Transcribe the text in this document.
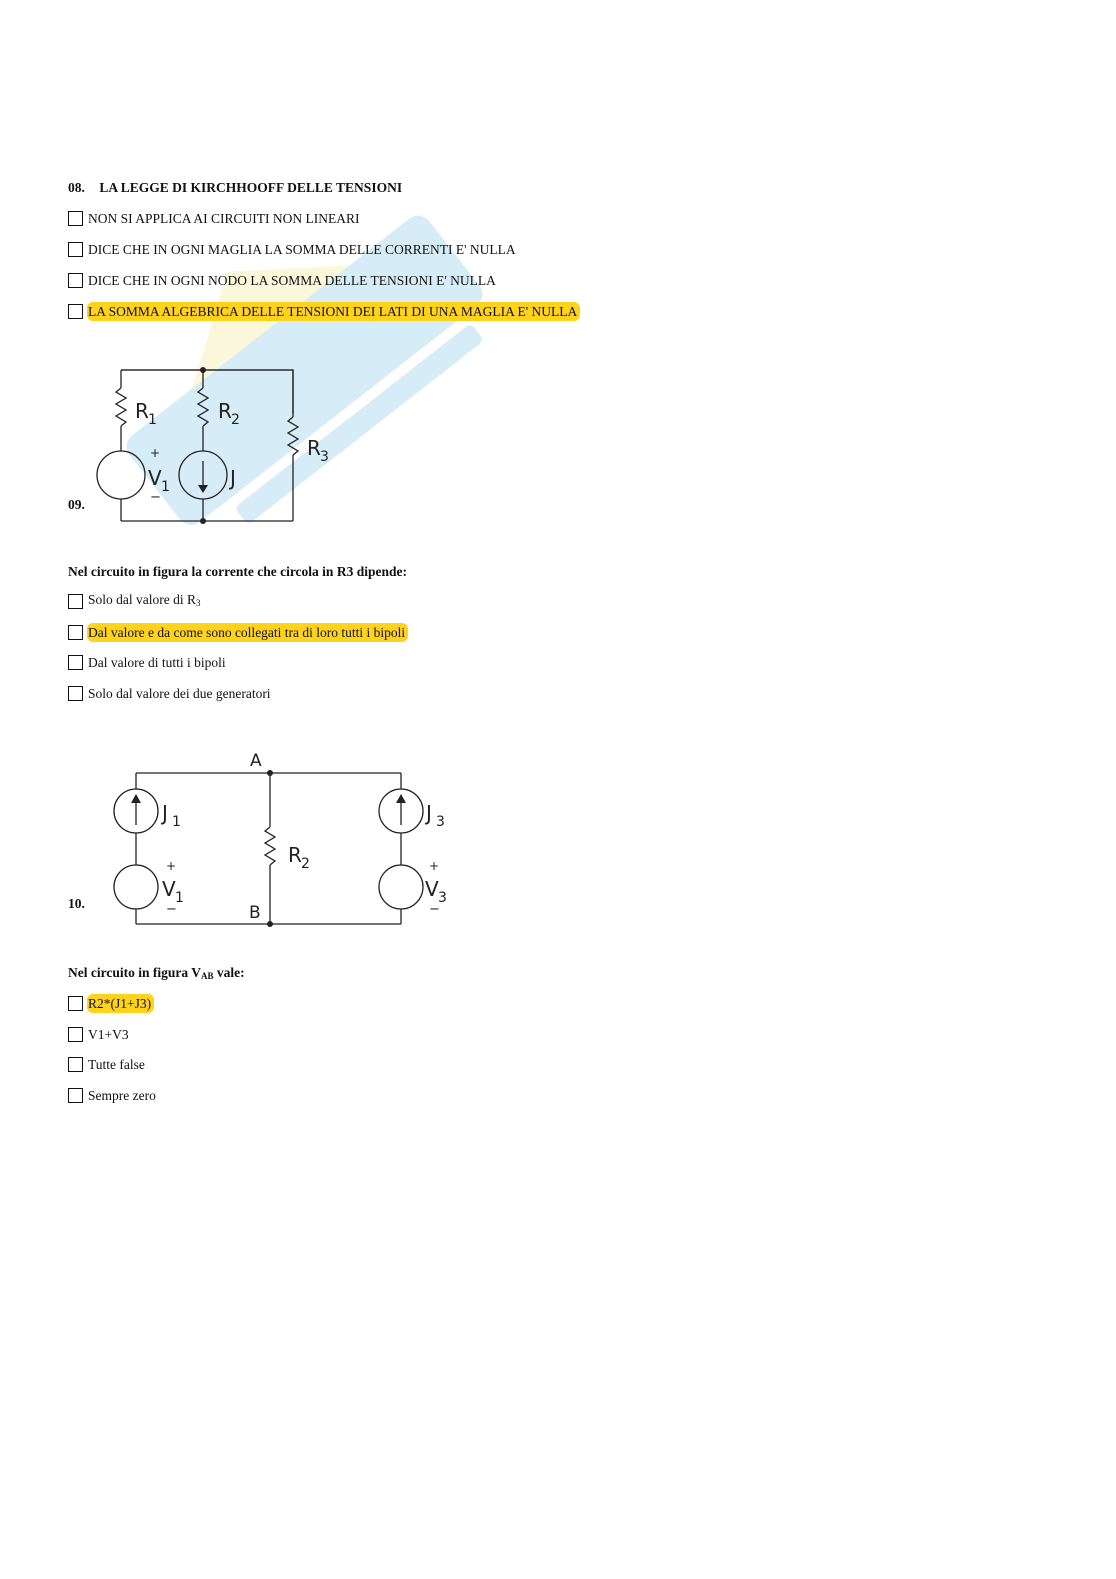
08. LA LEGGE DI KIRCHHOOFF DELLE TENSIONI
NON SI APPLICA AI CIRCUITI NON LINEARI
DICE CHE IN OGNI MAGLIA LA SOMMA DELLE CORRENTI E' NULLA
DICE CHE IN OGNI NODO LA SOMMA DELLE TENSIONI E' NULLA
LA SOMMA ALGEBRICA DELLE TENSIONI DEI LATI DI UNA MAGLIA E' NULLA
09.
R 1	R 2
R 3
+
V 1
−
J
Nel circuito in figura la corrente che circola in R3 dipende:
Solo dal valore di $R_3$
Dal valore e da come sono collegati tra di loro tutti i bipoli
Dal valore di tutti i bipoli
Solo dal valore dei due generatori
10.
A
B
J 1	J 3
R 2
+
V 1
−
+
V 3
−
Nel circuito in figura $V_{AB}$ vale:
R2*(J1+J3)
V1+V3
Tutte false
Sempre zero
